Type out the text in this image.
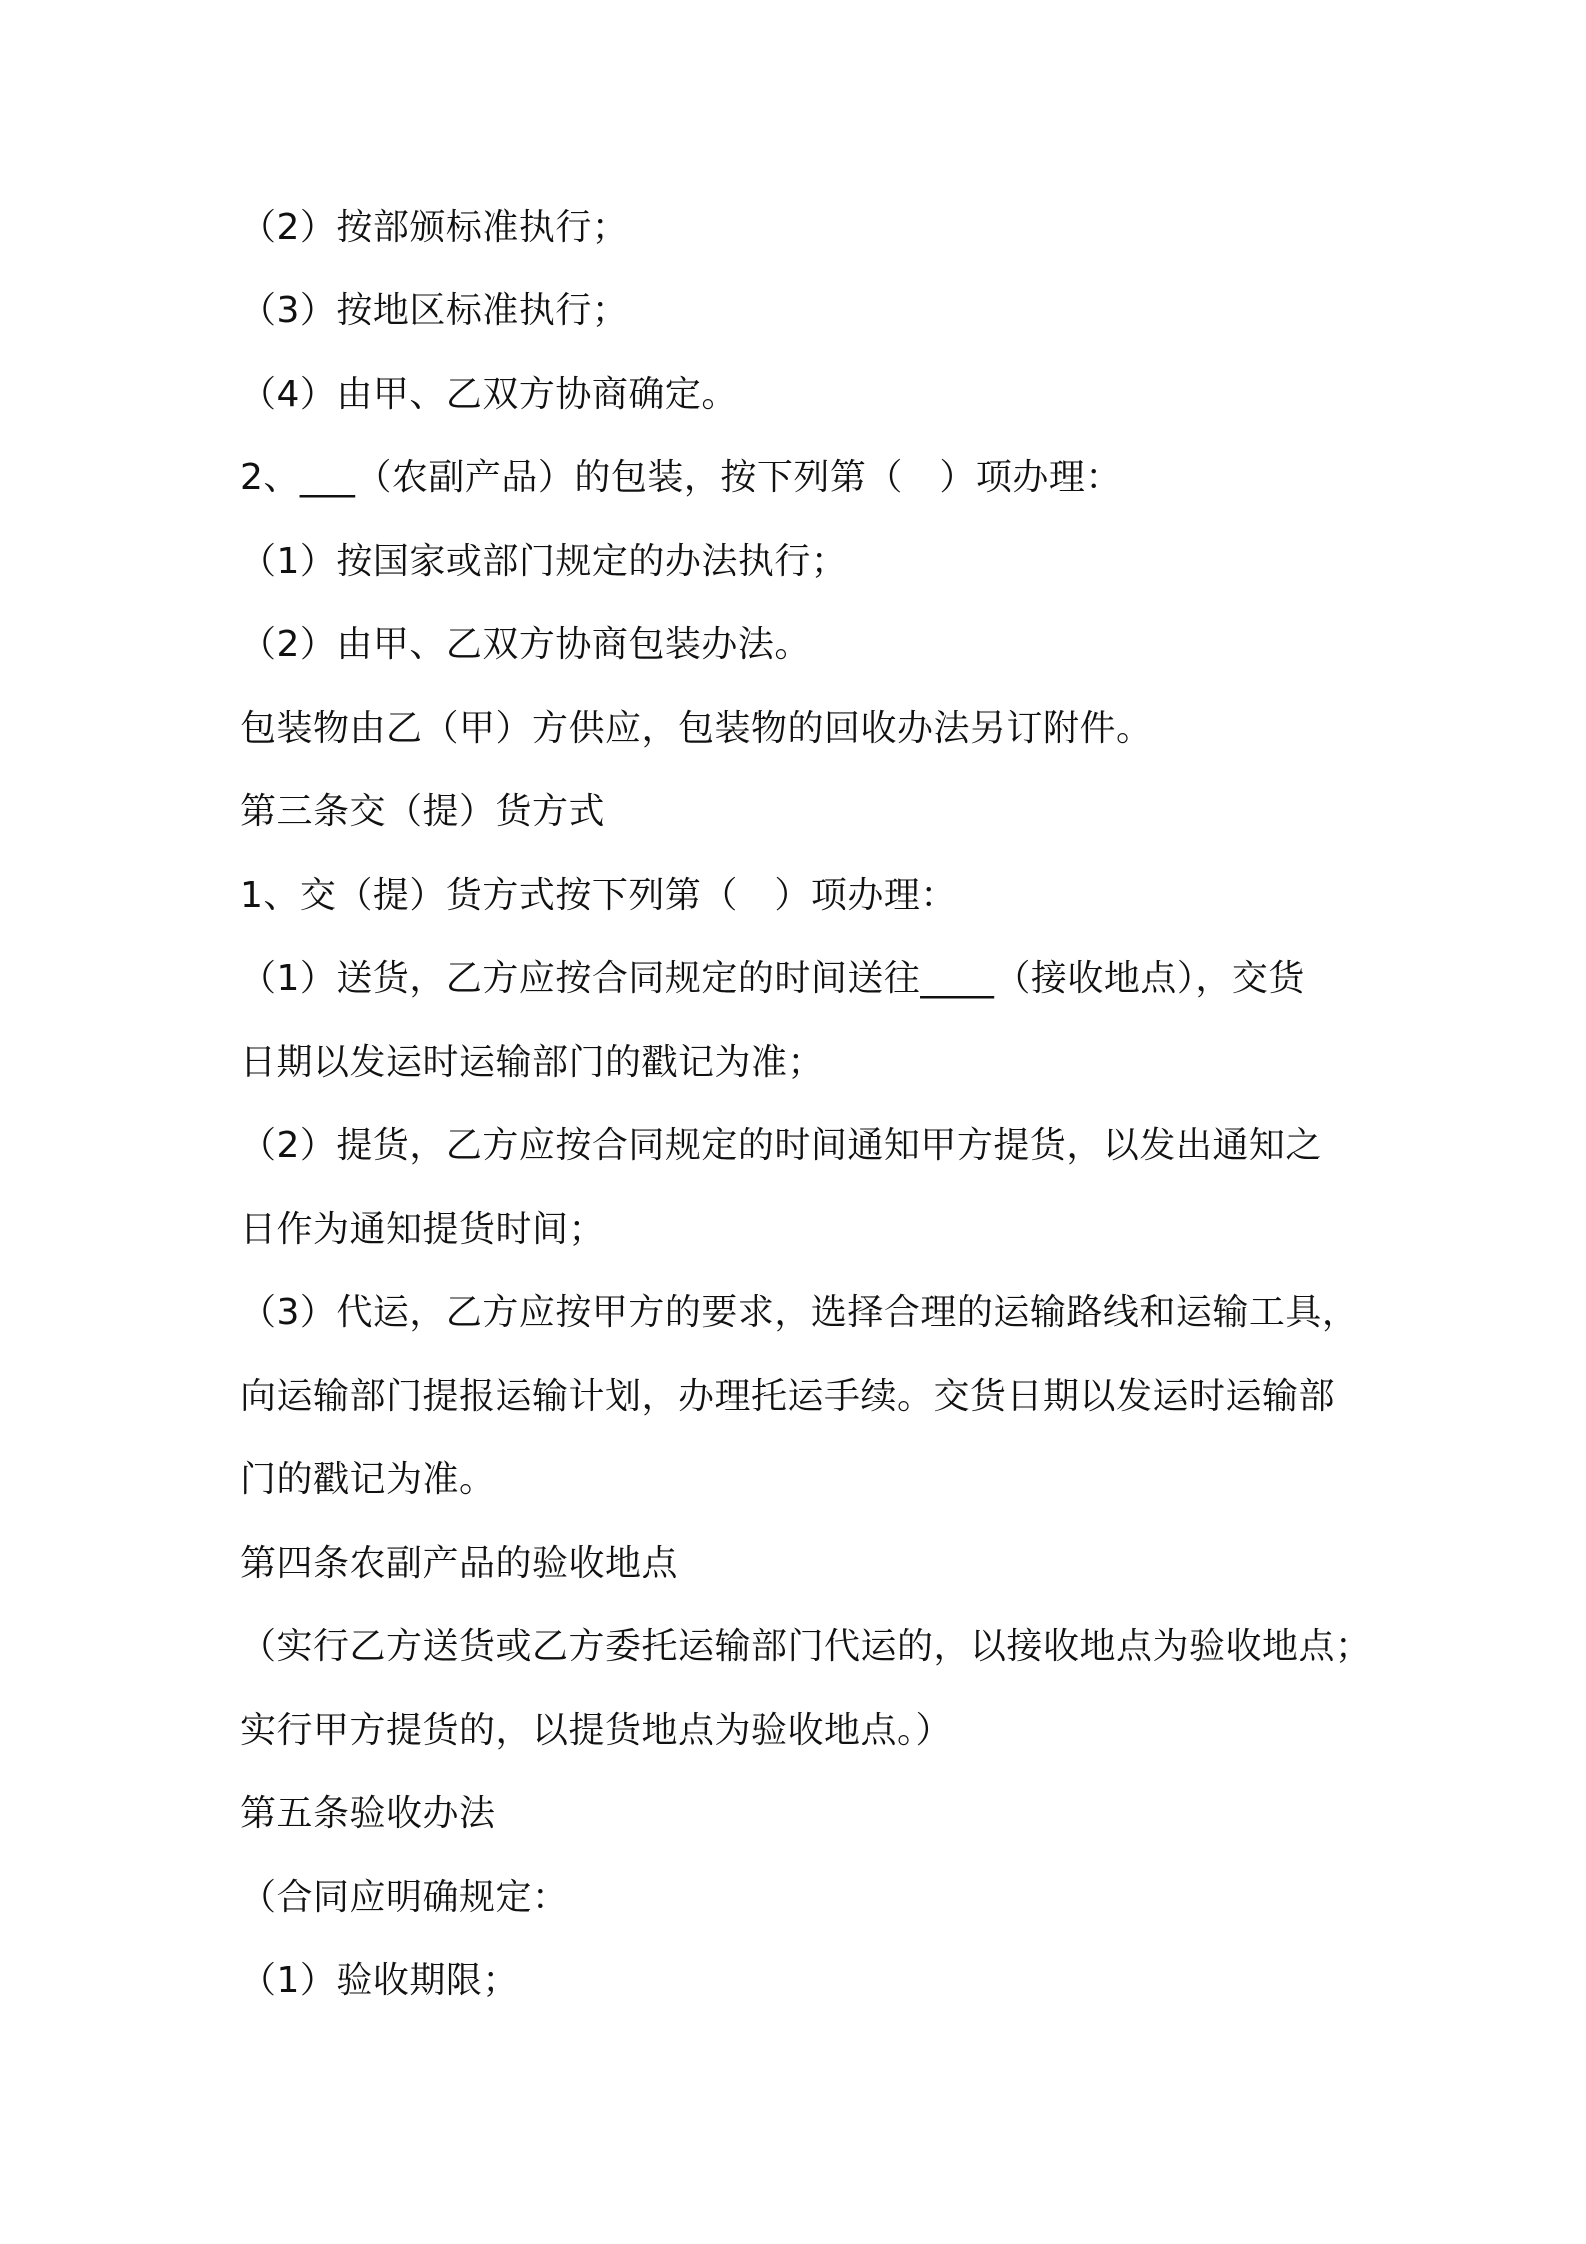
（2）按部颁标准执行；
（3）按地区标准执行；
（4）由甲、乙双方协商确定。
2、___（农副产品）的包装，按下列第（　）项办理：
（1）按国家或部门规定的办法执行；
（2）由甲、乙双方协商包装办法。
包装物由乙（甲）方供应，包装物的回收办法另订附件。
第三条交（提）货方式
1、交（提）货方式按下列第（　）项办理：
（1）送货，乙方应按合同规定的时间送往____（接收地点），交货
日期以发运时运输部门的戳记为准；
（2）提货，乙方应按合同规定的时间通知甲方提货，以发出通知之
日作为通知提货时间；
（3）代运，乙方应按甲方的要求，选择合理的运输路线和运输工具，
向运输部门提报运输计划，办理托运手续。交货日期以发运时运输部
门的戳记为准。
第四条农副产品的验收地点
（实行乙方送货或乙方委托运输部门代运的，以接收地点为验收地点；
实行甲方提货的，以提货地点为验收地点。）
第五条验收办法
（合同应明确规定：
（1）验收期限；
